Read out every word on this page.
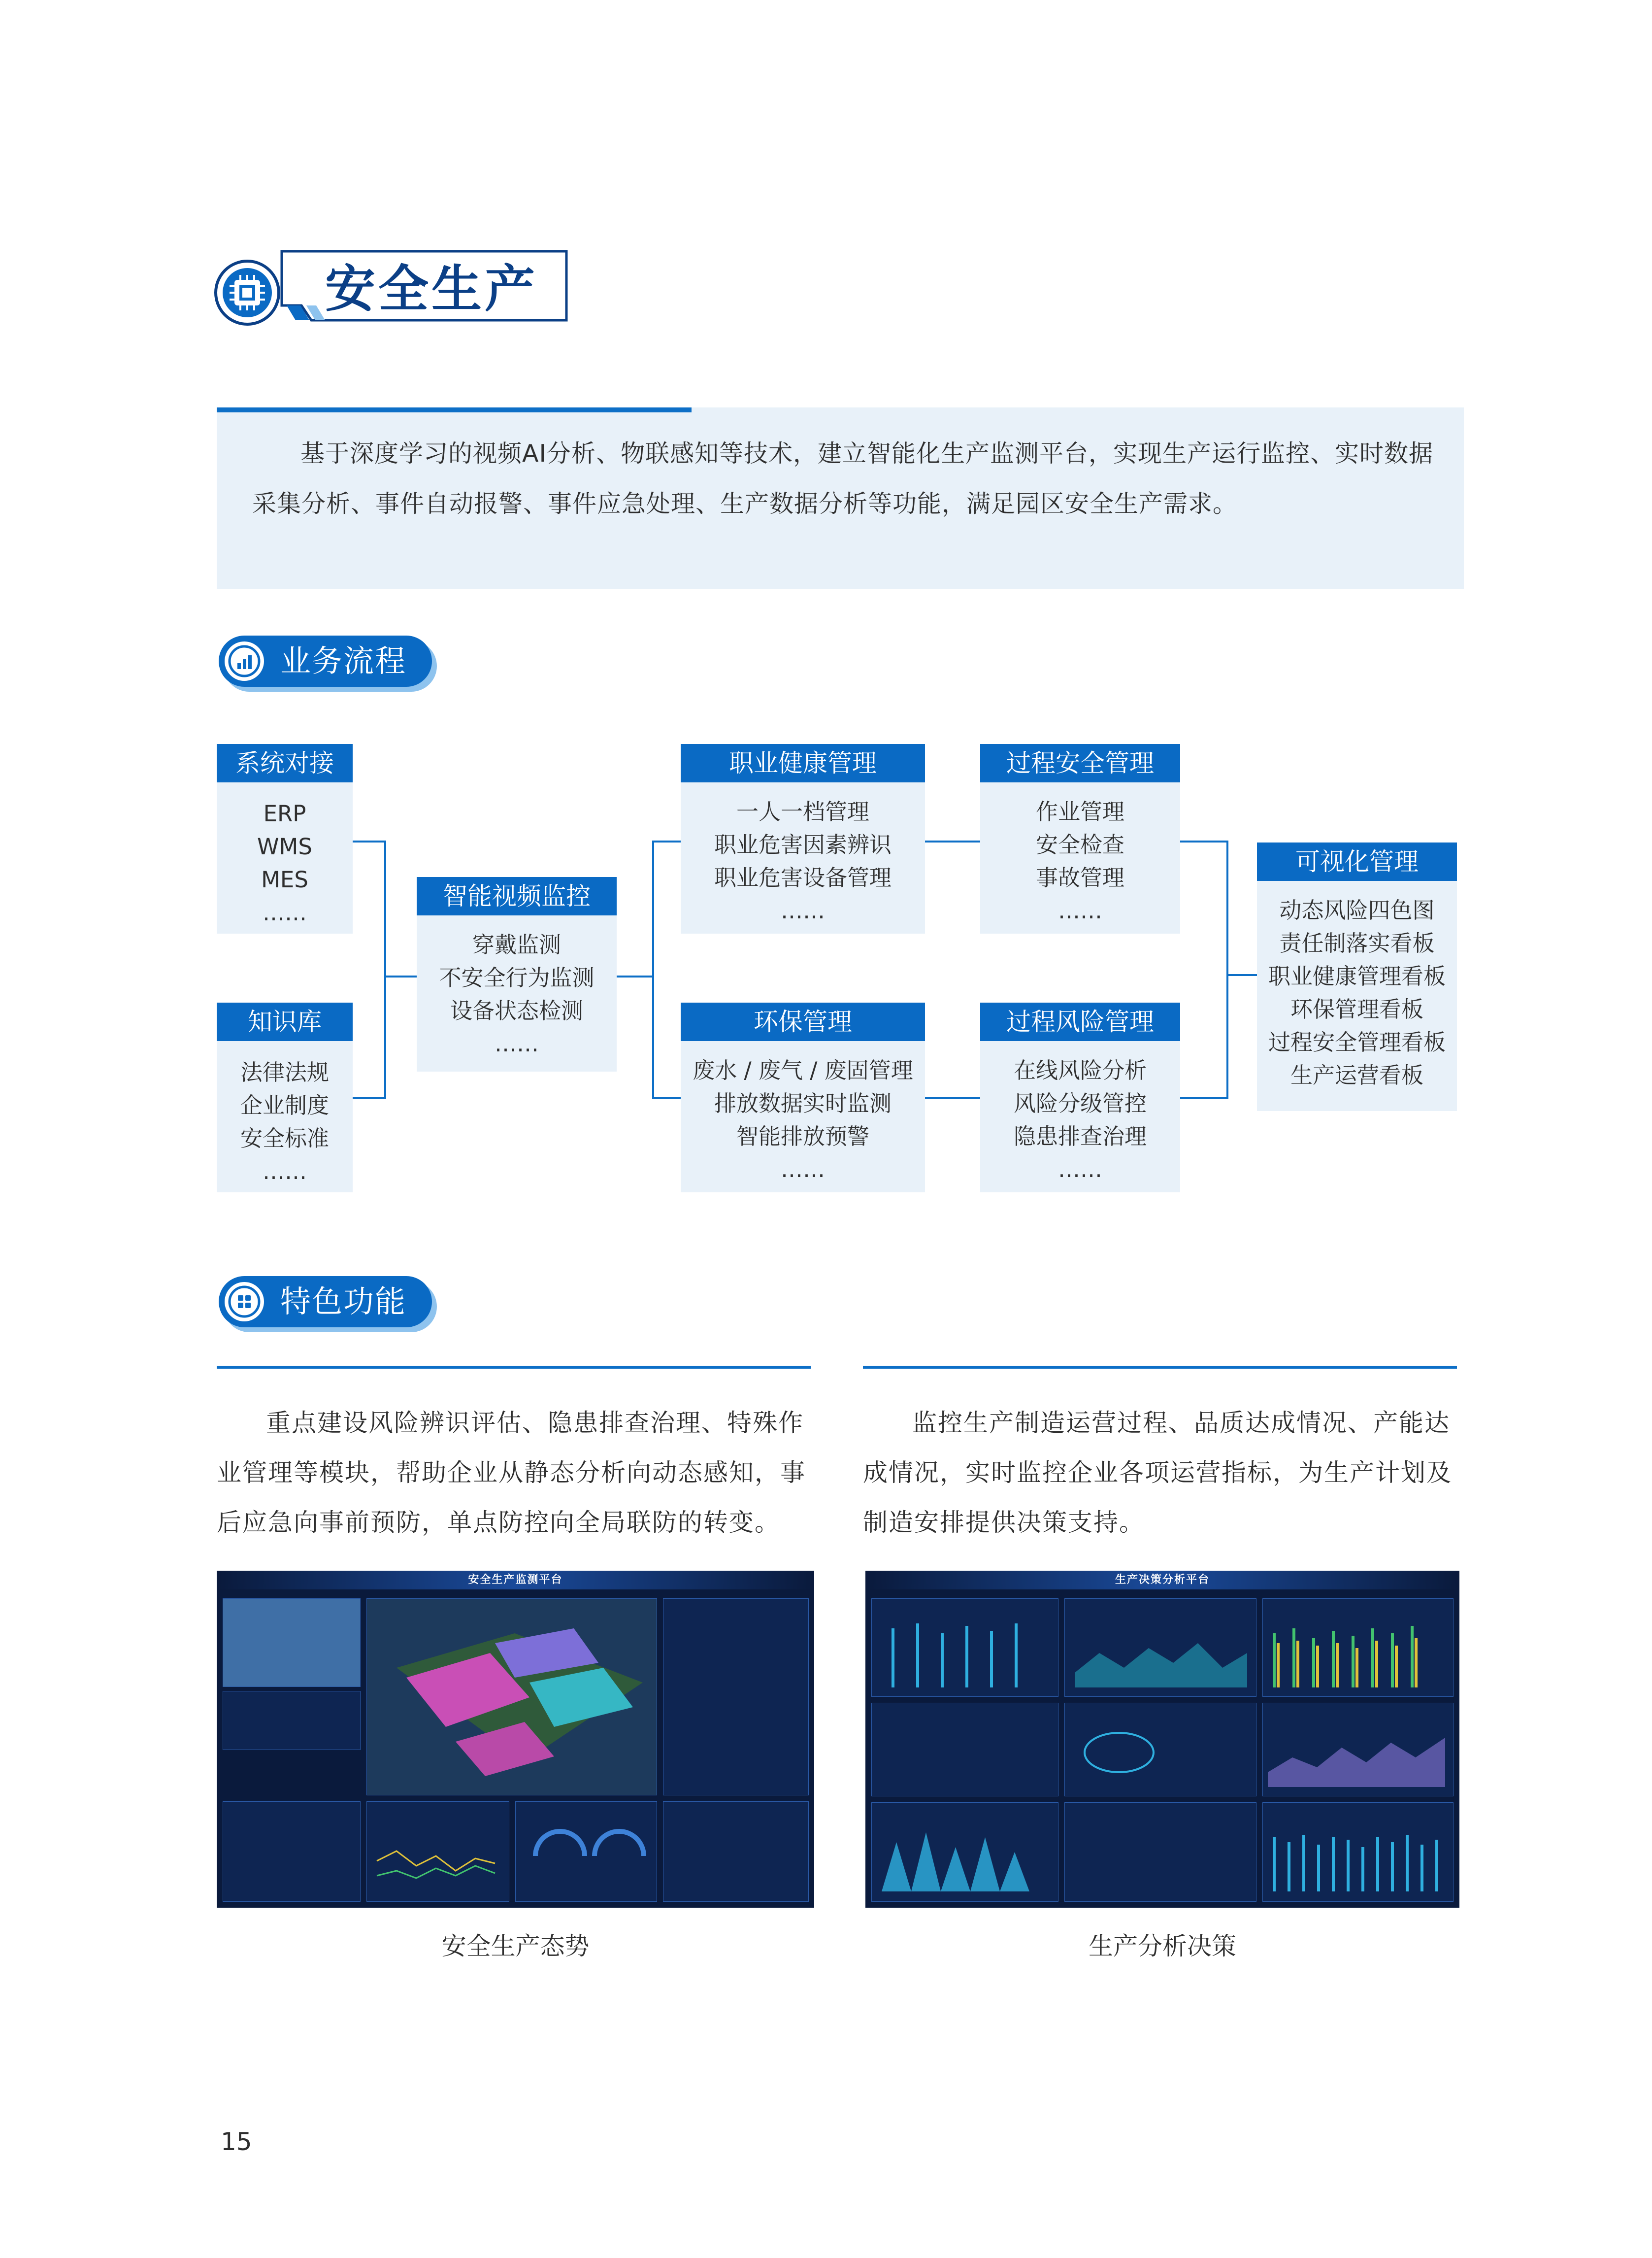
安全生产
基于深度学习的视频AI分析、物联感知等技术，建立智能化生产监测平台，实现生产运行监控、实时数据采集分析、事件自动报警、事件应急处理、生产数据分析等功能，满足园区安全生产需求。
业务流程
系统对接
ERP
WMS
MES
……
知识库
法律法规
企业制度
安全标准
……
智能视频监控
穿戴监测
不安全行为监测
设备状态检测
……
职业健康管理
一人一档管理
职业危害因素辨识
职业危害设备管理
……
环保管理
废水 / 废气 / 废固管理
排放数据实时监测
智能排放预警
……
过程安全管理
作业管理
安全检查
事故管理
……
过程风险管理
在线风险分析
风险分级管控
隐患排查治理
……
可视化管理
动态风险四色图
责任制落实看板
职业健康管理看板
环保管理看板
过程安全管理看板
生产运营看板
特色功能
重点建设风险辨识评估、隐患排查治理、特殊作业管理等模块，帮助企业从静态分析向动态感知，事后应急向事前预防，单点防控向全局联防的转变。
安全生产监测平台
安全生产态势
监控生产制造运营过程、品质达成情况、产能达成情况，实时监控企业各项运营指标，为生产计划及制造安排提供决策支持。
生产决策分析平台
生产分析决策
15
